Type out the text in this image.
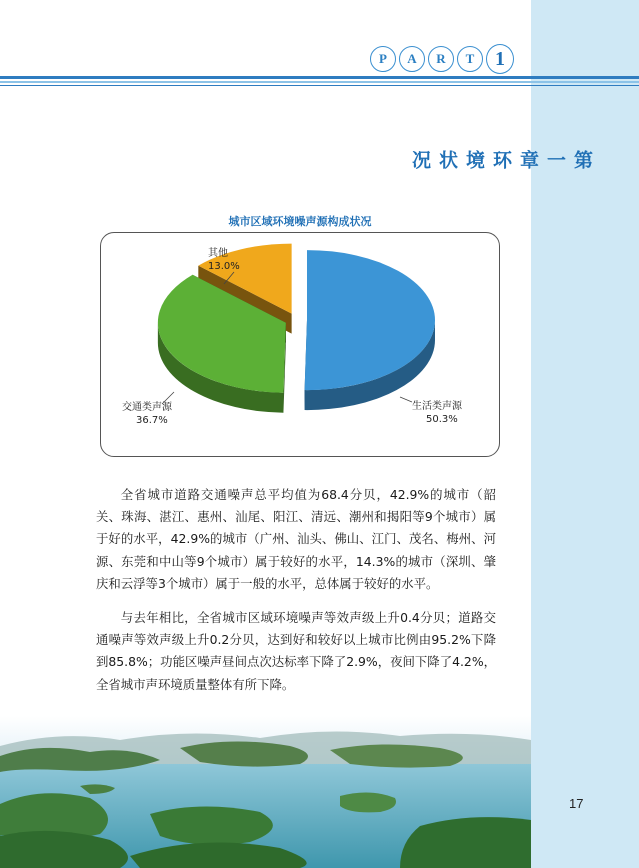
P	A	R	T	1
第
一
章
环
境
状
况
城市区域环境噪声源构成状况
生活类声源
50.3%
交通类声源
36.7%
其他
13.0%

全省城市道路交通噪声总平均值为68.4分贝，42.9%的城市（韶关、珠海、湛江、惠州、汕尾、阳江、清远、潮州和揭阳等9个城市）属于好的水平，42.9%的城市（广州、汕头、佛山、江门、茂名、梅州、河源、东莞和中山等9个城市）属于较好的水平，14.3%的城市（深圳、肇庆和云浮等3个城市）属于一般的水平，总体属于较好的水平。

与去年相比，全省城市区域环境噪声等效声级上升0.4分贝；道路交通噪声等效声级上升0.2分贝，达到好和较好以上城市比例由95.2%下降到85.8%；功能区噪声昼间点次达标率下降了2.9%，夜间下降了4.2%，全省城市声环境质量整体有所下降。

17
